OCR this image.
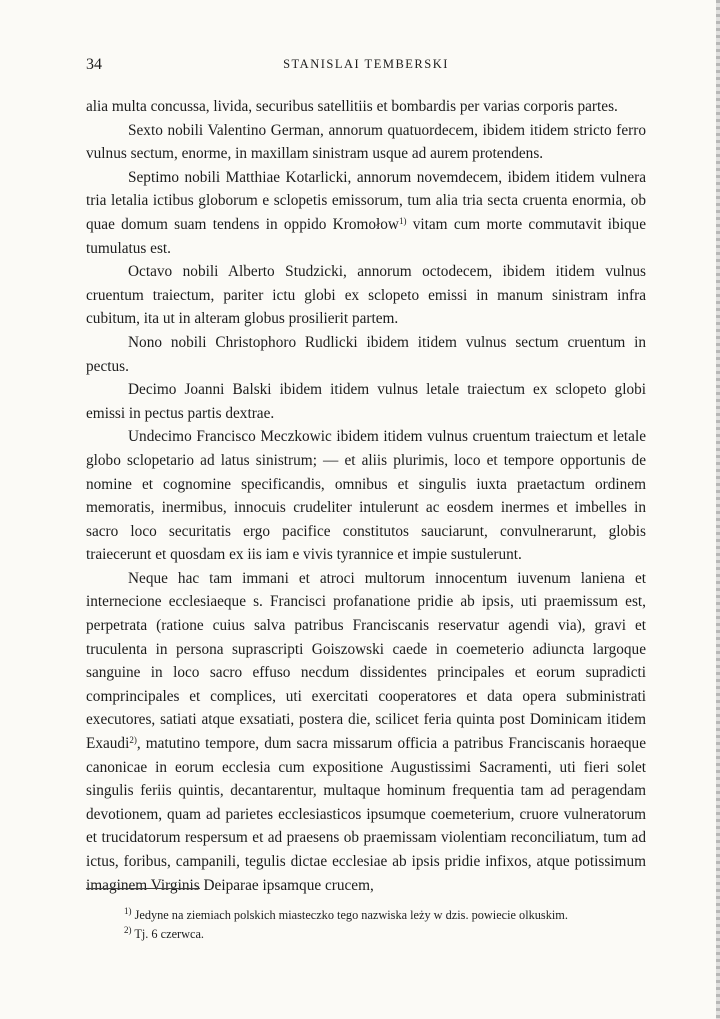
34	STANISLAI TEMBERSKI

alia multa concussa, livida, securibus satellitiis et bombardis per varias corporis partes.

Sexto nobili Valentino German, annorum quatuordecem, ibidem itidem stricto ferro vulnus sectum, enorme, in maxillam sinistram usque ad aurem protendens.

Septimo nobili Matthiae Kotarlicki, annorum novemdecem, ibidem itidem vulnera tria letalia ictibus globorum e sclopetis emissorum, tum alia tria secta cruenta enormia, ob quae domum suam tendens in oppido Kromołow$^{1)}$ vitam cum morte commutavit ibique tumulatus est.

Octavo nobili Alberto Studzicki, annorum octodecem, ibidem itidem vulnus cruentum traiectum, pariter ictu globi ex sclopeto emissi in manum sinistram infra cubitum, ita ut in alteram globus prosilierit partem.

Nono nobili Christophoro Rudlicki ibidem itidem vulnus sectum cruentum in pectus.

Decimo Joanni Balski ibidem itidem vulnus letale traiectum ex sclopeto globi emissi in pectus partis dextrae.

Undecimo Francisco Meczkowic ibidem itidem vulnus cruentum traiectum et letale globo sclopetario ad latus sinistrum; — et aliis plurimis, loco et tempore opportunis de nomine et cognomine specificandis, omnibus et singulis iuxta praetactum ordinem memoratis, inermibus, innocuis crudeliter intulerunt ac eosdem inermes et imbelles in sacro loco securitatis ergo pacifice constitutos sauciarunt, convulnerarunt, globis traiecerunt et quosdam ex iis iam e vivis tyrannice et impie sustulerunt.

Neque hac tam immani et atroci multorum innocentum iuvenum laniena et internecione ecclesiaeque s. Francisci profanatione pridie ab ipsis, uti praemissum est, perpetrata (ratione cuius salva patribus Franciscanis reservatur agendi via), gravi et truculenta in persona suprascripti Goiszowski caede in coemeterio adiuncta largoque sanguine in loco sacro effuso necdum dissidentes principales et eorum supradicti comprincipales et complices, uti exercitati cooperatores et data opera subministrati executores, satiati atque exsatiati, postera die, scilicet feria quinta post Dominicam itidem Exaudi$^{2)}$, matutino tempore, dum sacra missarum officia a patribus Franciscanis horaeque canonicae in eorum ecclesia cum expositione Augustissimi Sacramenti, uti fieri solet singulis feriis quintis, decantarentur, multaque hominum frequentia tam ad peragendam devotionem, quam ad parietes ecclesiasticos ipsumque coemeterium, cruore vulneratorum et trucidatorum respersum et ad praesens ob praemissam violentiam reconciliatum, tum ad ictus, foribus, campanili, tegulis dictae ecclesiae ab ipsis pridie infixos, atque potissimum imaginem Virginis Deiparae ipsamque crucem,

$^{1)}$ Jedyne na ziemiach polskich miasteczko tego nazwiska leży w dzis. powiecie olkuskim.

$^{2)}$ Tj. 6 czerwca.
